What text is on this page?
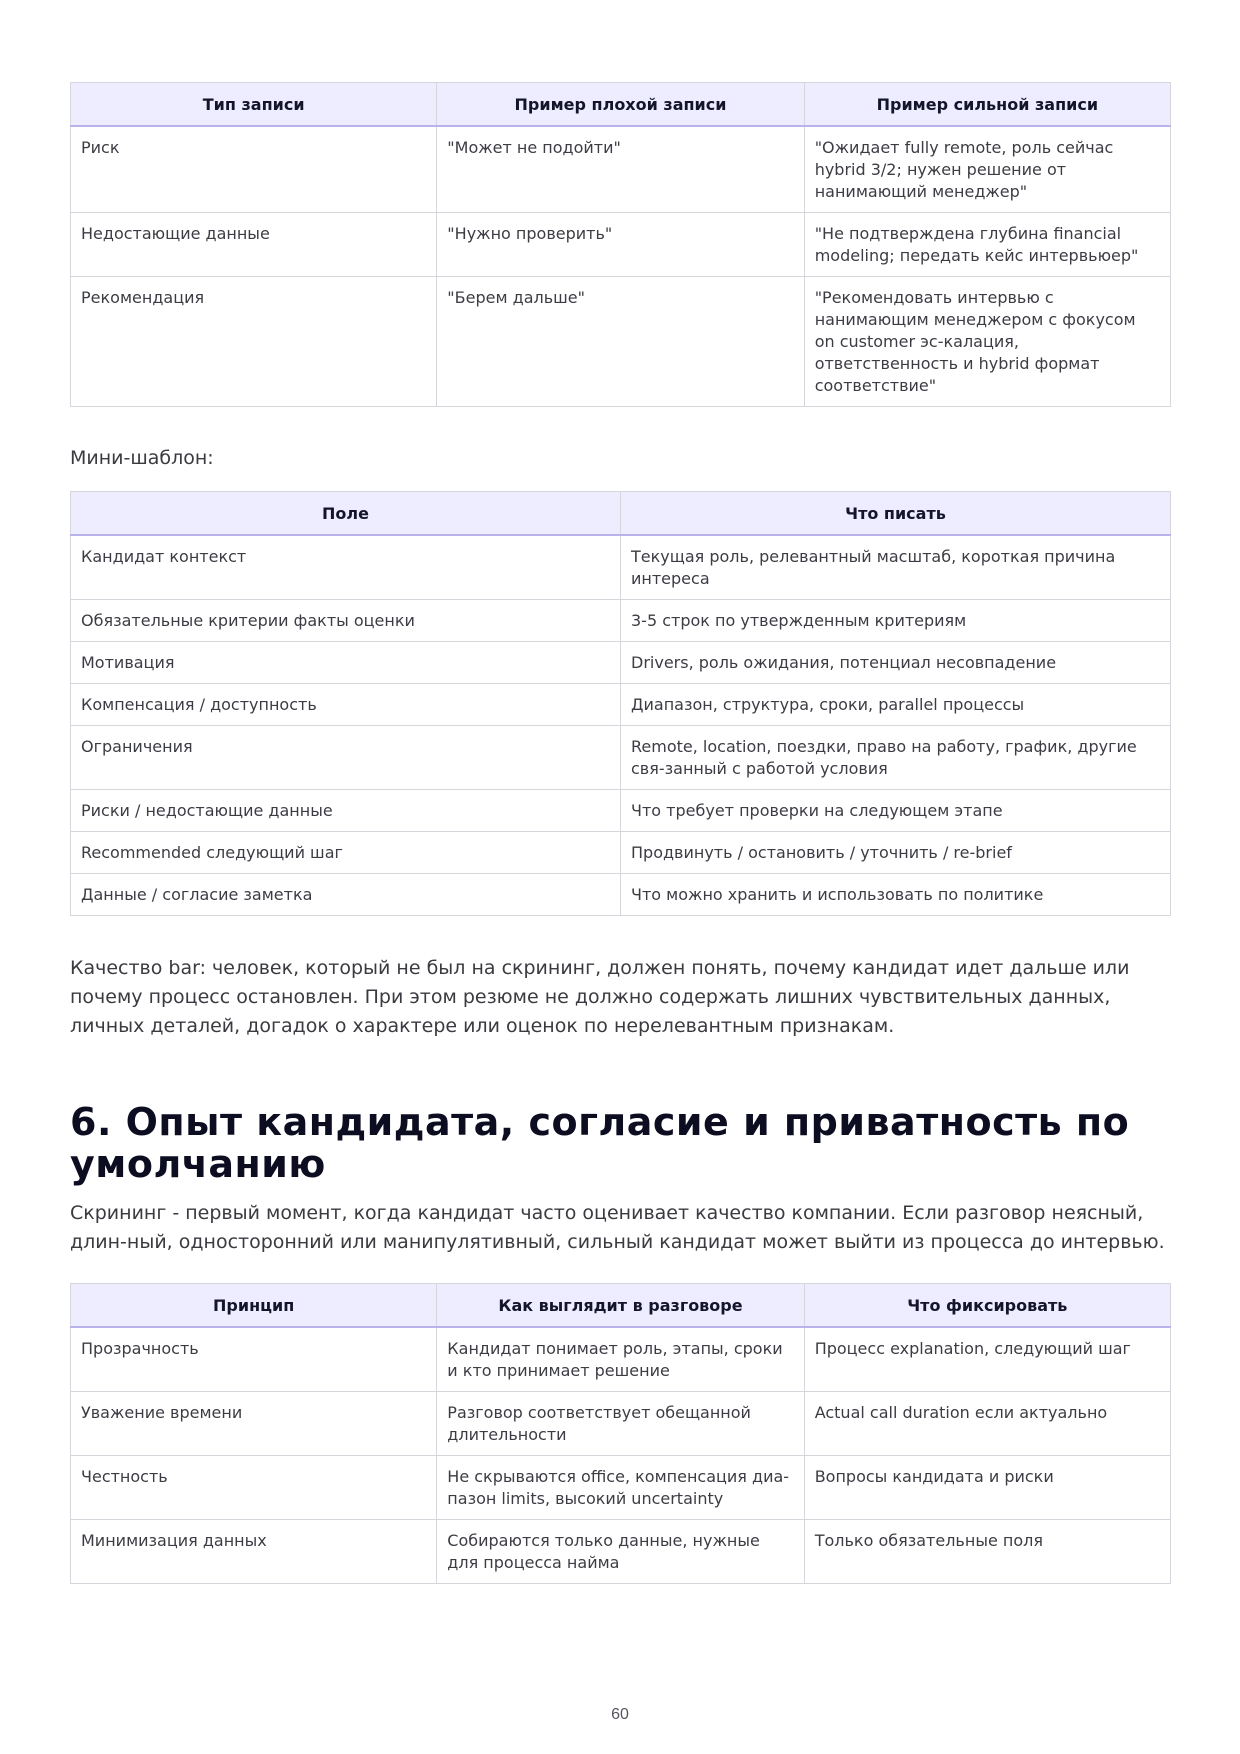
Тип записи	Пример плохой записи	Пример сильной записи
Риск	"Может не подойти"	"Ожидает fully remote, роль сейчас hybrid 3/2; нужен решение от нанимающий менеджер"
Недостающие данные	"Нужно проверить"	"Не подтверждена глубина financial modeling; передать кейс интервьюер"
Рекомендация	"Берем дальше"	"Рекомендовать интервью с нанимающим менеджером с фокусом on customer эс-калация, ответственность и hybrid формат соответствие"
Мини-шаблон:
Поле	Что писать
Кандидат контекст	Текущая роль, релевантный масштаб, короткая причина интереса
Обязательные критерии факты оценки	3-5 строк по утвержденным критериям
Мотивация	Drivers, роль ожидания, потенциал несовпадение
Компенсация / доступность	Диапазон, структура, сроки, parallel процессы
Ограничения	Remote, location, поездки, право на работу, график, другие свя-занный с работой условия
Риски / недостающие данные	Что требует проверки на следующем этапе
Recommended следующий шаг	Продвинуть / остановить / уточнить / re-brief
Данные / согласие заметка	Что можно хранить и использовать по политике

Качество bar: человек, который не был на скрининг, должен понять, почему кандидат идет дальше или почему процесс остановлен. При этом резюме не должно содержать лишних чувствительных данных, личных деталей, догадок о характере или оценок по нерелевантным признакам.

6. Опыт кандидата, согласие и приватность по умолчанию

Скрининг - первый момент, когда кандидат часто оценивает качество компании. Если разговор неясный, длин-ный, односторонний или манипулятивный, сильный кандидат может выйти из процесса до интервью.

Принцип	Как выглядит в разговоре	Что фиксировать
Прозрачность	Кандидат понимает роль, этапы, сроки и кто принимает решение	Процесс explanation, следующий шаг
Уважение времени	Разговор соответствует обещанной длительности	Actual call duration если актуально
Честность	Не скрываются office, компенсация диа-пазон limits, высокий uncertainty	Вопросы кандидата и риски
Минимизация данных	Собираются только данные, нужные для процесса найма	Только обязательные поля
60
